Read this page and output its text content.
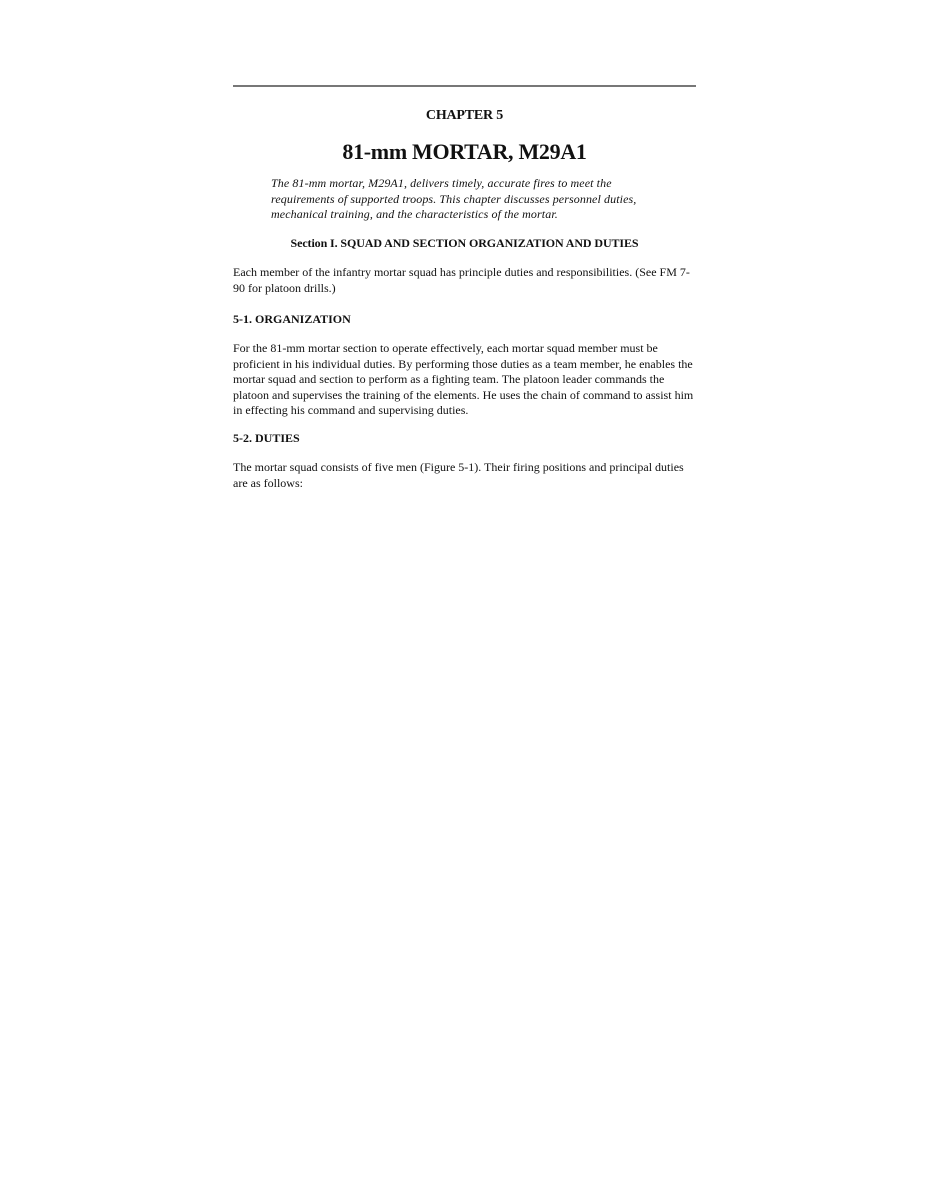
CHAPTER 5
81-mm MORTAR, M29A1
The 81-mm mortar, M29A1, delivers timely, accurate fires to meet the requirements of supported troops. This chapter discusses personnel duties, mechanical training, and the characteristics of the mortar.
Section I. SQUAD AND SECTION ORGANIZATION AND DUTIES
Each member of the infantry mortar squad has principle duties and responsibilities. (See FM 7-90 for platoon drills.)
5-1. ORGANIZATION
For the 81-mm mortar section to operate effectively, each mortar squad member must be proficient in his individual duties. By performing those duties as a team member, he enables the mortar squad and section to perform as a fighting team. The platoon leader commands the platoon and supervises the training of the elements. He uses the chain of command to assist him in effecting his command and supervising duties.
5-2. DUTIES
The mortar squad consists of five men (Figure 5-1). Their firing positions and principal duties are as follows:
